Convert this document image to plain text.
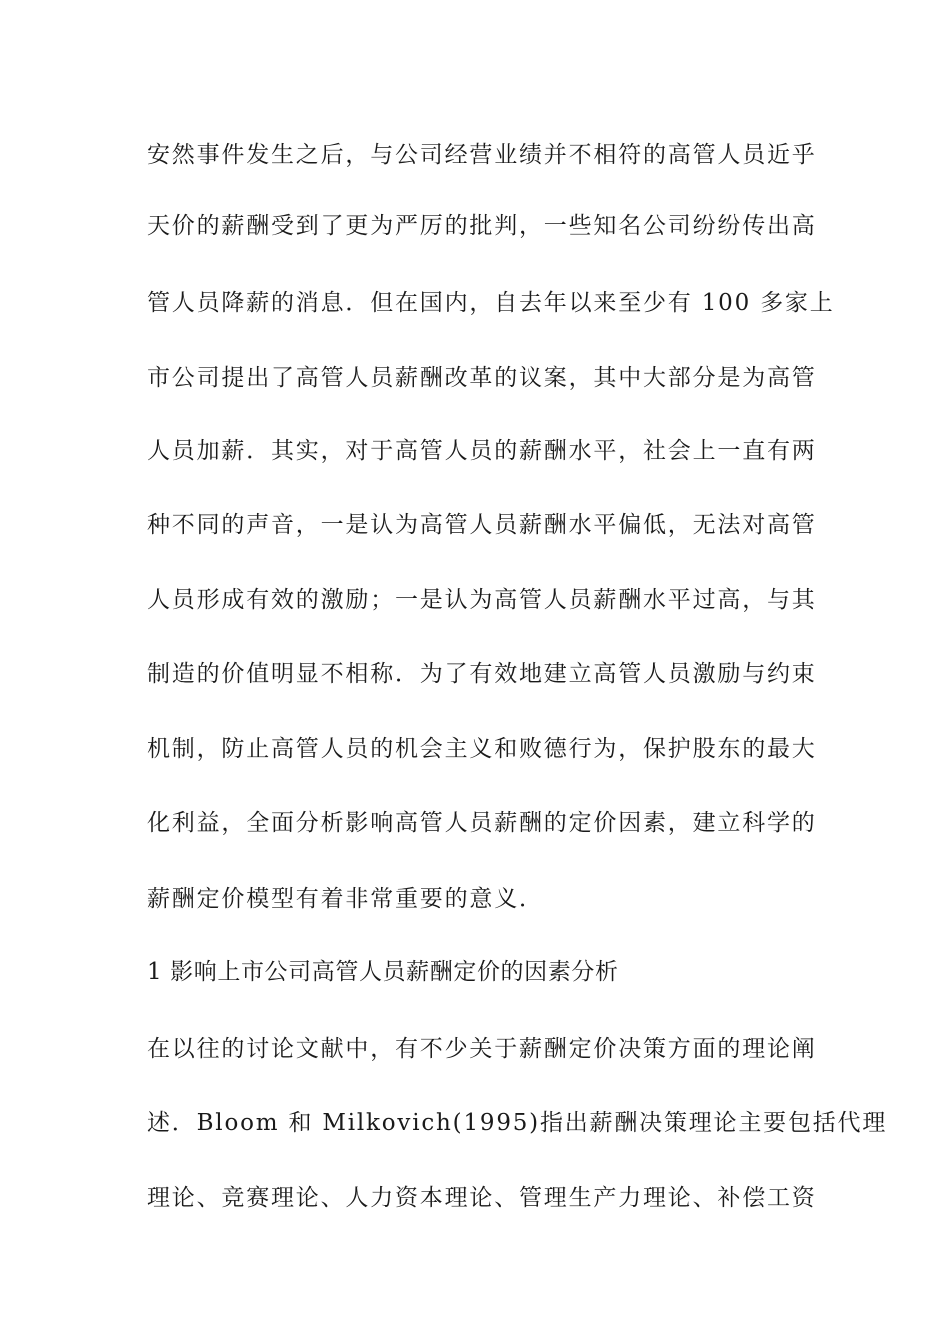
安然事件发生之后，与公司经营业绩并不相符的高管人员近乎
天价的薪酬受到了更为严厉的批判，一些知名公司纷纷传出高
管人员降薪的消息．但在国内，自去年以来至少有 100 多家上
市公司提出了高管人员薪酬改革的议案，其中大部分是为高管
人员加薪．其实，对于高管人员的薪酬水平，社会上一直有两
种不同的声音，一是认为高管人员薪酬水平偏低，无法对高管
人员形成有效的激励；一是认为高管人员薪酬水平过高，与其
制造的价值明显不相称．为了有效地建立高管人员激励与约束
机制，防止高管人员的机会主义和败德行为，保护股东的最大
化利益，全面分析影响高管人员薪酬的定价因素，建立科学的
薪酬定价模型有着非常重要的意义．
1 影响上市公司高管人员薪酬定价的因素分析
在以往的讨论文献中，有不少关于薪酬定价决策方面的理论阐
述．Bloom 和 Milkovich(1995)指出薪酬决策理论主要包括代理
理论、竞赛理论、人力资本理论、管理生产力理论、补偿工资
